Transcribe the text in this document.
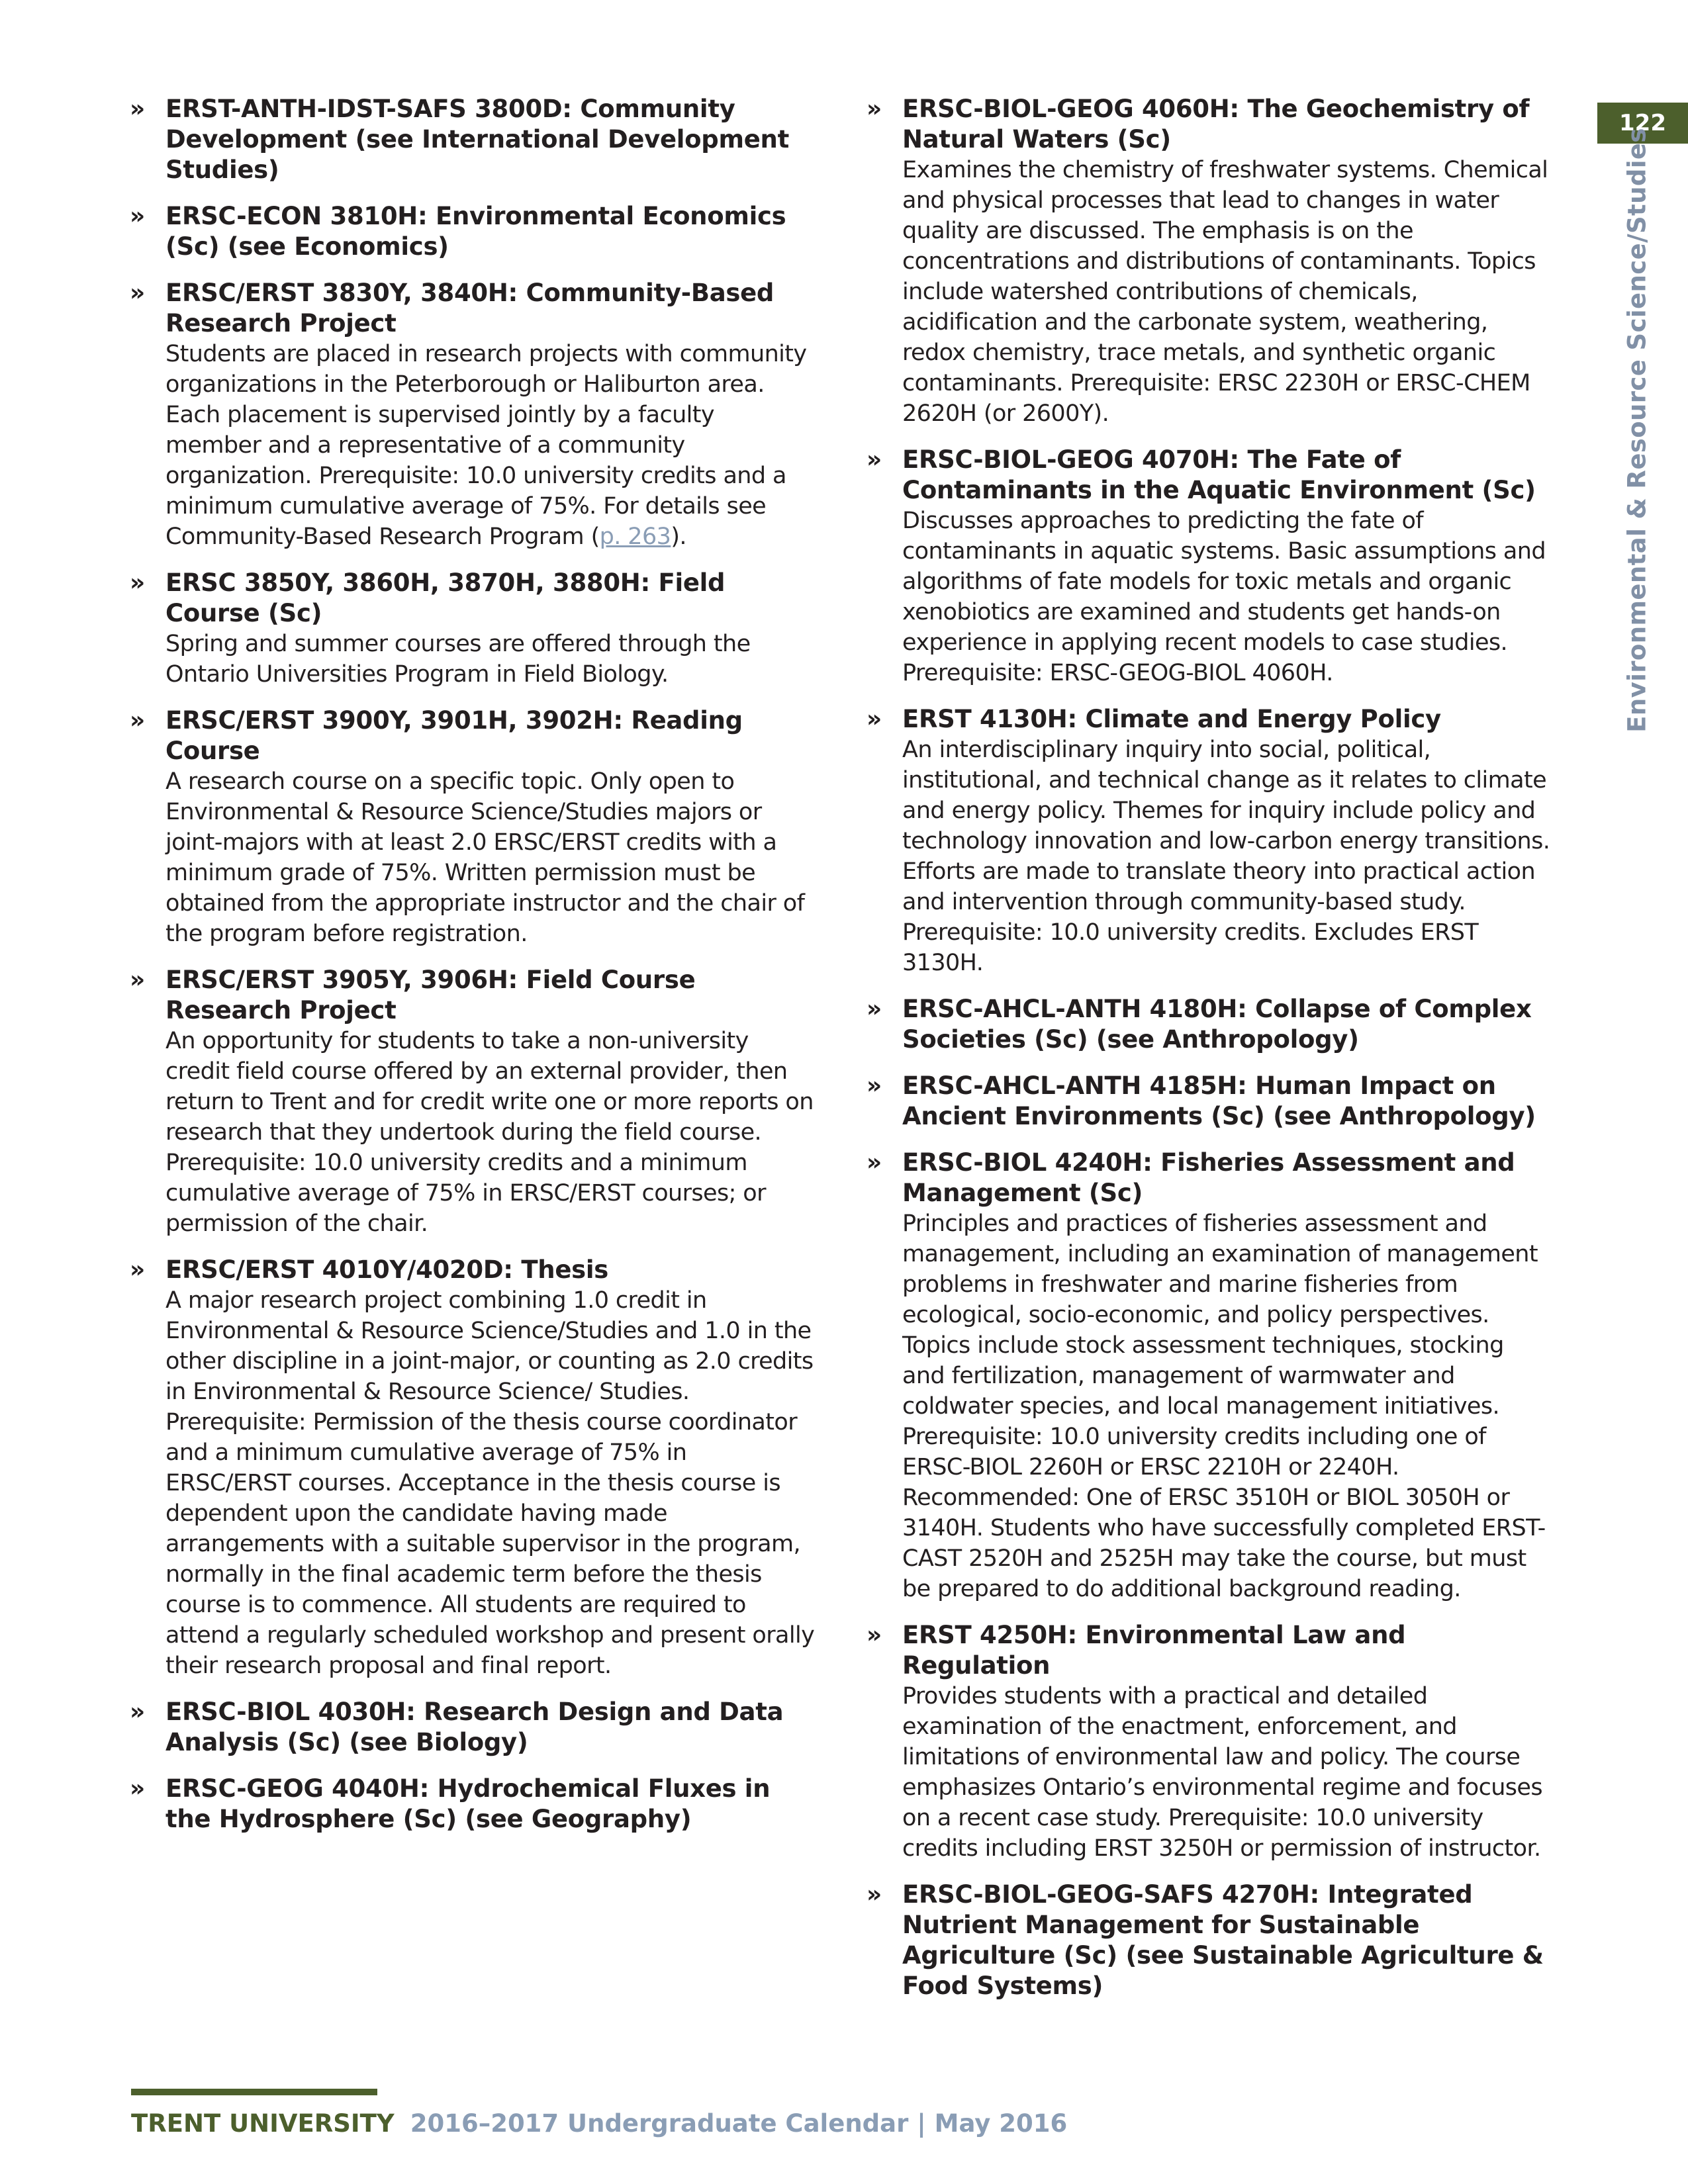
» ERST-ANTH-IDST-SAFS 3800D: Community Development (see International Development Studies)
» ERSC-ECON 3810H: Environmental Economics (Sc) (see Economics)
» ERSC/ERST 3830Y, 3840H: Community-Based Research Project
Students are placed in research projects with community organizations in the Peterborough or Haliburton area. Each placement is supervised jointly by a faculty member and a representative of a community organization. Prerequisite: 10.0 university credits and a minimum cumulative average of 75%. For details see Community-Based Research Program (p. 263).
» ERSC 3850Y, 3860H, 3870H, 3880H: Field Course (Sc)
Spring and summer courses are offered through the Ontario Universities Program in Field Biology.
» ERSC/ERST 3900Y, 3901H, 3902H: Reading Course
A research course on a specific topic. Only open to Environmental & Resource Science/Studies majors or joint-majors with at least 2.0 ERSC/ERST credits with a minimum grade of 75%. Written permission must be obtained from the appropriate instructor and the chair of the program before registration.
» ERSC/ERST 3905Y, 3906H: Field Course Research Project
An opportunity for students to take a non-university credit field course offered by an external provider, then return to Trent and for credit write one or more reports on research that they undertook during the field course. Prerequisite: 10.0 university credits and a minimum cumulative average of 75% in ERSC/ERST courses; or permission of the chair.
» ERSC/ERST 4010Y/4020D: Thesis
A major research project combining 1.0 credit in Environmental & Resource Science/Studies and 1.0 in the other discipline in a joint-major, or counting as 2.0 credits in Environmental & Resource Science/ Studies. Prerequisite: Permission of the thesis course coordinator and a minimum cumulative average of 75% in ERSC/ERST courses. Acceptance in the thesis course is dependent upon the candidate having made arrangements with a suitable supervisor in the program, normally in the final academic term before the thesis course is to commence. All students are required to attend a regularly scheduled workshop and present orally their research proposal and final report.
» ERSC-BIOL 4030H: Research Design and Data Analysis (Sc) (see Biology)
» ERSC-GEOG 4040H: Hydrochemical Fluxes in the Hydrosphere (Sc) (see Geography)
» ERSC-BIOL-GEOG 4060H: The Geochemistry of Natural Waters (Sc)
Examines the chemistry of freshwater systems. Chemical and physical processes that lead to changes in water quality are discussed. The emphasis is on the concentrations and distributions of contaminants. Topics include watershed contributions of chemicals, acidification and the carbonate system, weathering, redox chemistry, trace metals, and synthetic organic contaminants. Prerequisite: ERSC 2230H or ERSC-CHEM 2620H (or 2600Y).
» ERSC-BIOL-GEOG 4070H: The Fate of Contaminants in the Aquatic Environment (Sc)
Discusses approaches to predicting the fate of contaminants in aquatic systems. Basic assumptions and algorithms of fate models for toxic metals and organic xenobiotics are examined and students get hands-on experience in applying recent models to case studies. Prerequisite: ERSC-GEOG-BIOL 4060H.
» ERST 4130H: Climate and Energy Policy
An interdisciplinary inquiry into social, political, institutional, and technical change as it relates to climate and energy policy. Themes for inquiry include policy and technology innovation and low-carbon energy transitions. Efforts are made to translate theory into practical action and intervention through community-based study. Prerequisite: 10.0 university credits. Excludes ERST 3130H.
» ERSC-AHCL-ANTH 4180H: Collapse of Complex Societies (Sc) (see Anthropology)
» ERSC-AHCL-ANTH 4185H: Human Impact on Ancient Environments (Sc) (see Anthropology)
» ERSC-BIOL 4240H: Fisheries Assessment and Management (Sc)
Principles and practices of fisheries assessment and management, including an examination of management problems in freshwater and marine fisheries from ecological, socio-economic, and policy perspectives. Topics include stock assessment techniques, stocking and fertilization, management of warmwater and coldwater species, and local management initiatives. Prerequisite: 10.0 university credits including one of ERSC-BIOL 2260H or ERSC 2210H or 2240H. Recommended: One of ERSC 3510H or BIOL 3050H or 3140H. Students who have successfully completed ERST-CAST 2520H and 2525H may take the course, but must be prepared to do additional background reading.
» ERST 4250H: Environmental Law and Regulation
Provides students with a practical and detailed examination of the enactment, enforcement, and limitations of environmental law and policy. The course emphasizes Ontario’s environmental regime and focuses on a recent case study. Prerequisite: 10.0 university credits including ERST 3250H or permission of instructor.
» ERSC-BIOL-GEOG-SAFS 4270H: Integrated Nutrient Management for Sustainable Agriculture (Sc) (see Sustainable Agriculture & Food Systems)
122
Environmental & Resource Science/Studies
TRENT UNIVERSITY 2016–2017 Undergraduate Calendar | May 2016
